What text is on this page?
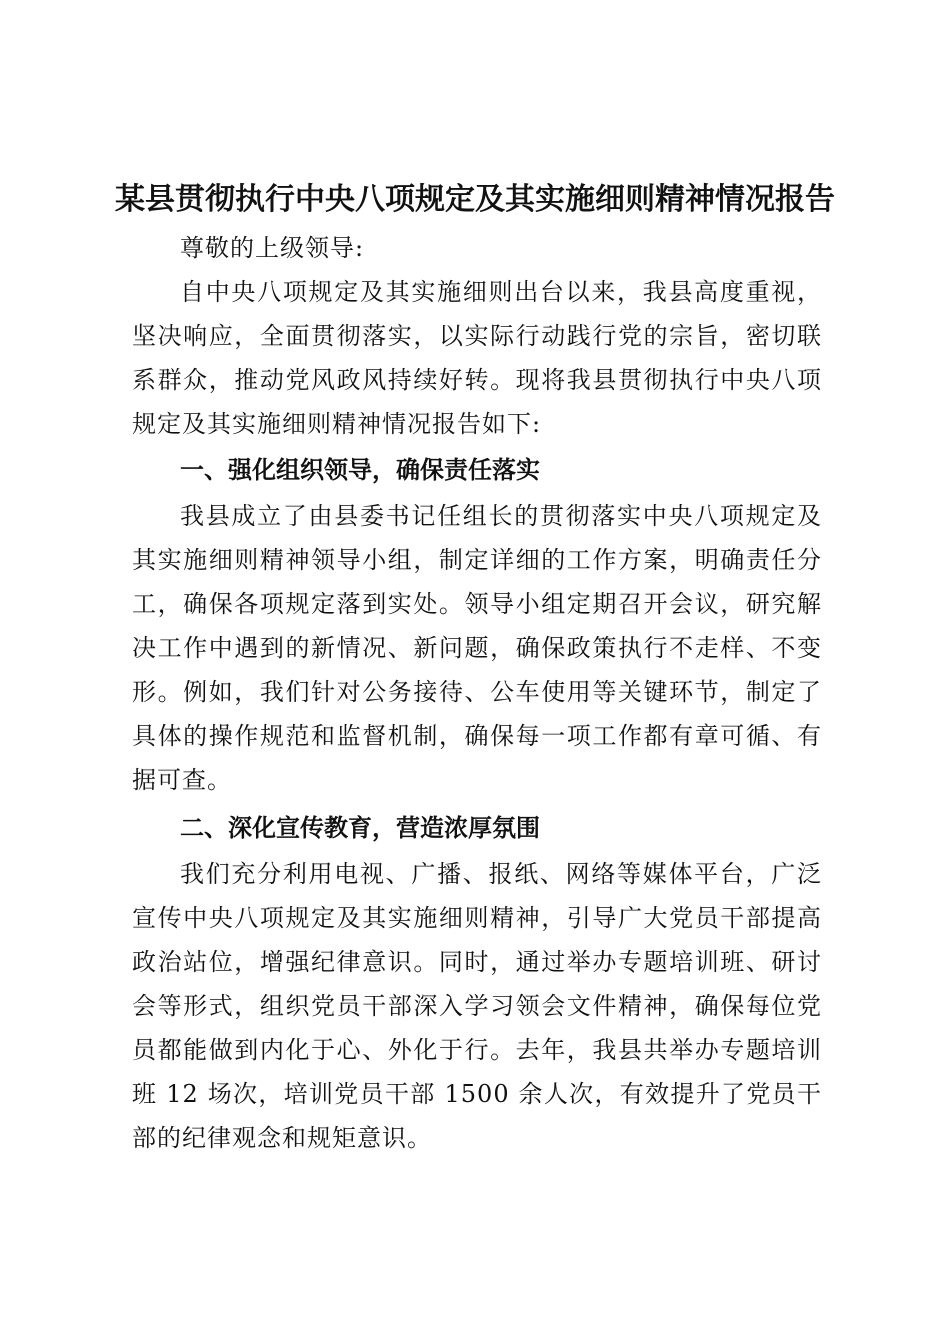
某县贯彻执行中央八项规定及其实施细则精神情况报告

尊敬的上级领导:

自中央八项规定及其实施细则出台以来，我县高度重视，坚决响应，全面贯彻落实，以实际行动践行党的宗旨，密切联系群众，推动党风政风持续好转。现将我县贯彻执行中央八项规定及其实施细则精神情况报告如下:

一、强化组织领导，确保责任落实

我县成立了由县委书记任组长的贯彻落实中央八项规定及其实施细则精神领导小组，制定详细的工作方案，明确责任分工，确保各项规定落到实处。领导小组定期召开会议，研究解决工作中遇到的新情况、新问题，确保政策执行不走样、不变形。例如，我们针对公务接待、公车使用等关键环节，制定了具体的操作规范和监督机制，确保每一项工作都有章可循、有据可查。

二、深化宣传教育，营造浓厚氛围

我们充分利用电视、广播、报纸、网络等媒体平台，广泛宣传中央八项规定及其实施细则精神，引导广大党员干部提高政治站位，增强纪律意识。同时，通过举办专题培训班、研讨会等形式，组织党员干部深入学习领会文件精神，确保每位党员都能做到内化于心、外化于行。去年，我县共举办专题培训班 12 场次，培训党员干部 1500 余人次，有效提升了党员干部的纪律观念和规矩意识。
